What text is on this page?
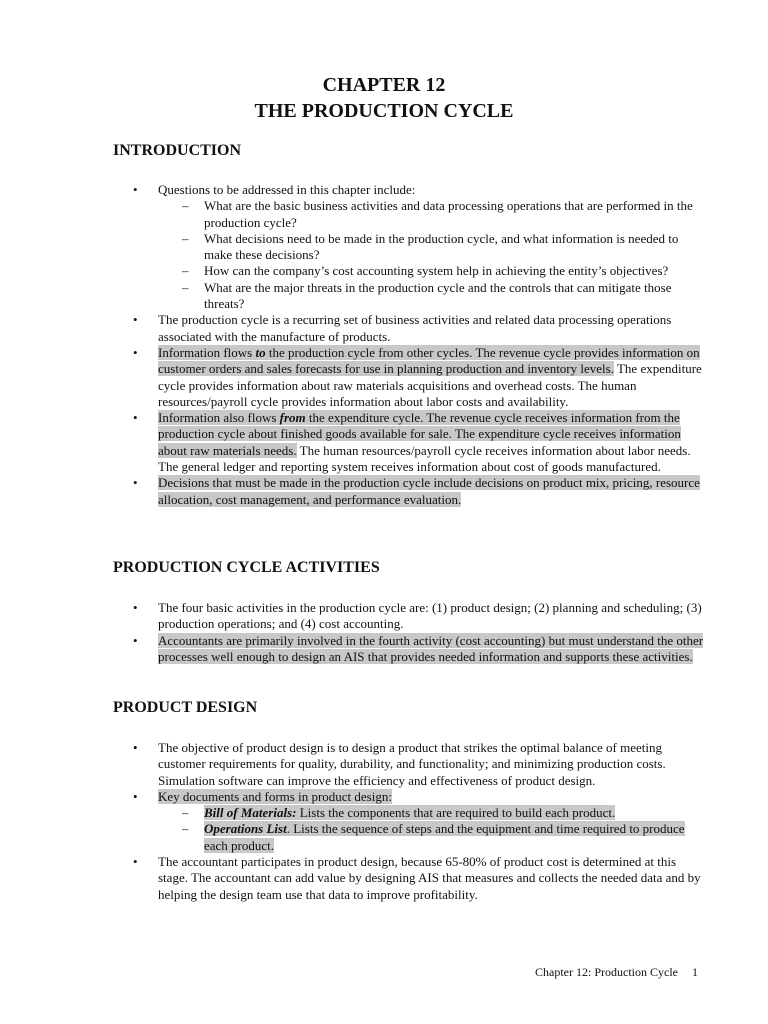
CHAPTER 12
THE PRODUCTION CYCLE
INTRODUCTION
•	Questions to be addressed in this chapter include:
– What are the basic business activities and data processing operations that are performed in the production cycle?
– What decisions need to be made in the production cycle, and what information is needed to make these decisions?
– How can the company’s cost accounting system help in achieving the entity’s objectives?
– What are the major threats in the production cycle and the controls that can mitigate those threats?
•	The production cycle is a recurring set of business activities and related data processing operations associated with the manufacture of products.
•	Information flows to the production cycle from other cycles. The revenue cycle provides information on customer orders and sales forecasts for use in planning production and inventory levels. The expenditure cycle provides information about raw materials acquisitions and overhead costs. The human resources/payroll cycle provides information about labor costs and availability.
•	Information also flows from the expenditure cycle. The revenue cycle receives information from the production cycle about finished goods available for sale. The expenditure cycle receives information about raw materials needs. The human resources/payroll cycle receives information about labor needs. The general ledger and reporting system receives information about cost of goods manufactured.
•	Decisions that must be made in the production cycle include decisions on product mix, pricing, resource allocation, cost management, and performance evaluation.
PRODUCTION CYCLE ACTIVITIES
•	The four basic activities in the production cycle are: (1) product design; (2) planning and scheduling; (3) production operations; and (4) cost accounting.
•	Accountants are primarily involved in the fourth activity (cost accounting) but must understand the other processes well enough to design an AIS that provides needed information and supports these activities.
PRODUCT DESIGN
•	The objective of product design is to design a product that strikes the optimal balance of meeting customer requirements for quality, durability, and functionality; and minimizing production costs. Simulation software can improve the efficiency and effectiveness of product design.
•	Key documents and forms in product design:
– Bill of Materials: Lists the components that are required to build each product.
– Operations List. Lists the sequence of steps and the equipment and time required to produce each product.
•	The accountant participates in product design, because 65-80% of product cost is determined at this stage. The accountant can add value by designing AIS that measures and collects the needed data and by helping the design team use that data to improve profitability.
Chapter 12: Production Cycle 1
